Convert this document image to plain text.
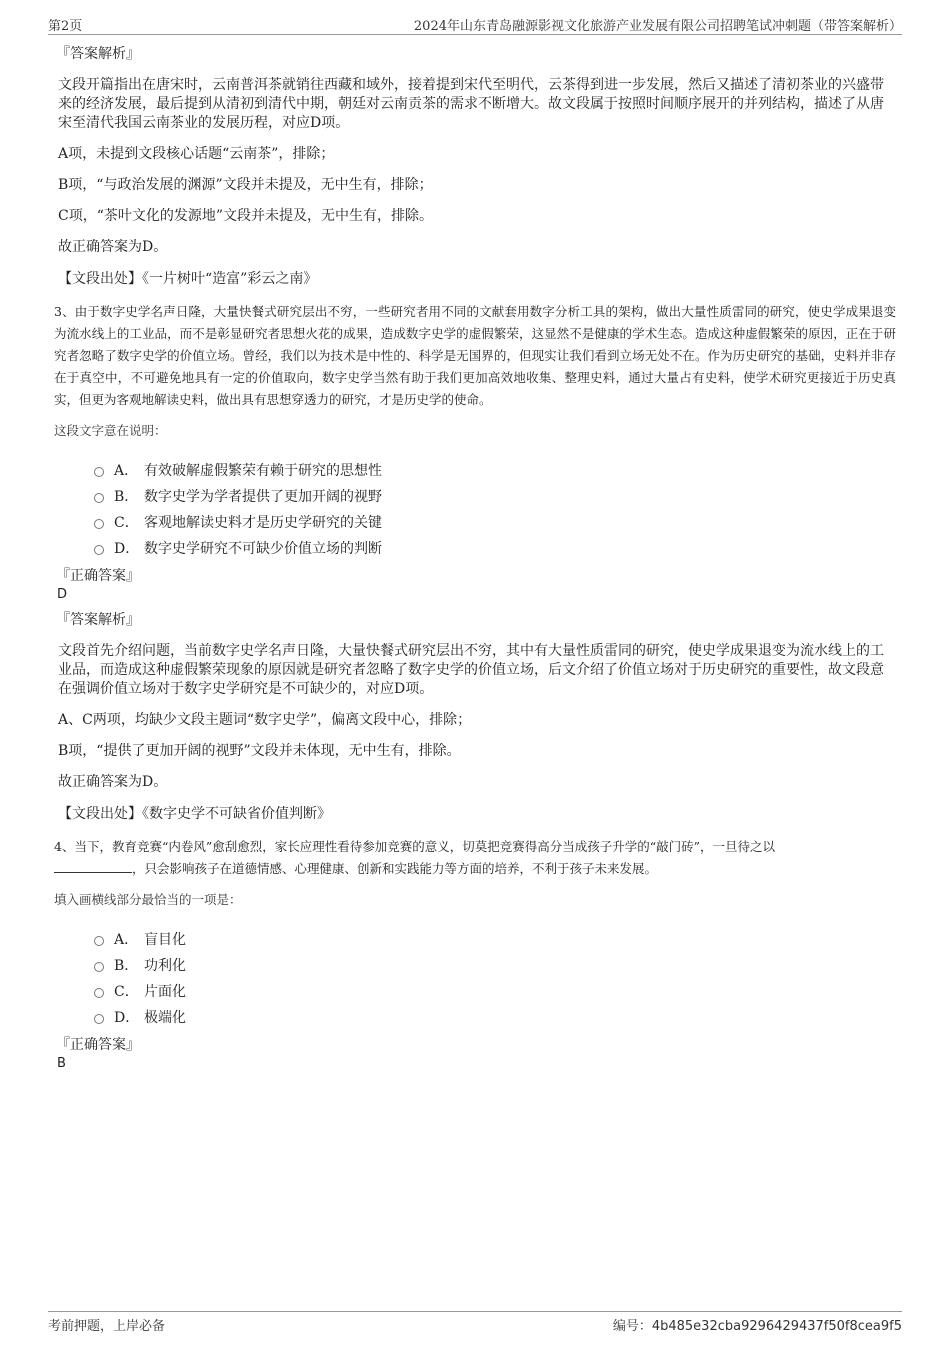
第2页	2024年山东青岛融源影视文化旅游产业发展有限公司招聘笔试冲刺题（带答案解析）
『答案解析』
文段开篇指出在唐宋时，云南普洱茶就销往西藏和域外，接着提到宋代至明代，云茶得到进一步发展，然后又描述了清初茶业的兴盛带来的经济发展，最后提到从清初到清代中期，朝廷对云南贡茶的需求不断增大。故文段属于按照时间顺序展开的并列结构，描述了从唐宋至清代我国云南茶业的发展历程，对应D项。
A项，未提到文段核心话题“云南茶”，排除；
B项，“与政治发展的渊源”文段并未提及，无中生有，排除；
C项，“茶叶文化的发源地”文段并未提及，无中生有，排除。
故正确答案为D。
【文段出处】《一片树叶“造富”彩云之南》
3、由于数字史学名声日隆，大量快餐式研究层出不穷，一些研究者用不同的文献套用数字分析工具的架构，做出大量性质雷同的研究，使史学成果退变为流水线上的工业品，而不是彰显研究者思想火花的成果，造成数字史学的虚假繁荣，这显然不是健康的学术生态。造成这种虚假繁荣的原因，正在于研究者忽略了数字史学的价值立场。曾经，我们以为技术是中性的、科学是无国界的，但现实让我们看到立场无处不在。作为历史研究的基础，史料并非存在于真空中，不可避免地具有一定的价值取向，数字史学当然有助于我们更加高效地收集、整理史料，通过大量占有史料，使学术研究更接近于历史真实，但更为客观地解读史料，做出具有思想穿透力的研究，才是历史学的使命。
这段文字意在说明：
A． 有效破解虚假繁荣有赖于研究的思想性
B． 数字史学为学者提供了更加开阔的视野
C． 客观地解读史料才是历史学研究的关键
D． 数字史学研究不可缺少价值立场的判断
『正确答案』
D
『答案解析』
文段首先介绍问题，当前数字史学名声日隆，大量快餐式研究层出不穷，其中有大量性质雷同的研究，使史学成果退变为流水线上的工业品，而造成这种虚假繁荣现象的原因就是研究者忽略了数字史学的价值立场，后文介绍了价值立场对于历史研究的重要性，故文段意在强调价值立场对于数字史学研究是不可缺少的，对应D项。
A、C两项，均缺少文段主题词“数字史学”，偏离文段中心，排除；
B项，“提供了更加开阔的视野”文段并未体现，无中生有，排除。
故正确答案为D。
【文段出处】《数字史学不可缺省价值判断》
4、当下，教育竞赛“内卷风”愈刮愈烈，家长应理性看待参加竞赛的意义，切莫把竞赛得高分当成孩子升学的“敲门砖”，一旦待之以
，只会影响孩子在道德情感、心理健康、创新和实践能力等方面的培养，不利于孩子未来发展。
填入画横线部分最恰当的一项是：
A． 盲目化
B． 功利化
C． 片面化
D． 极端化
『正确答案』
B
考前押题，上岸必备	编号：4b485e32cba9296429437f50f8cea9f5
